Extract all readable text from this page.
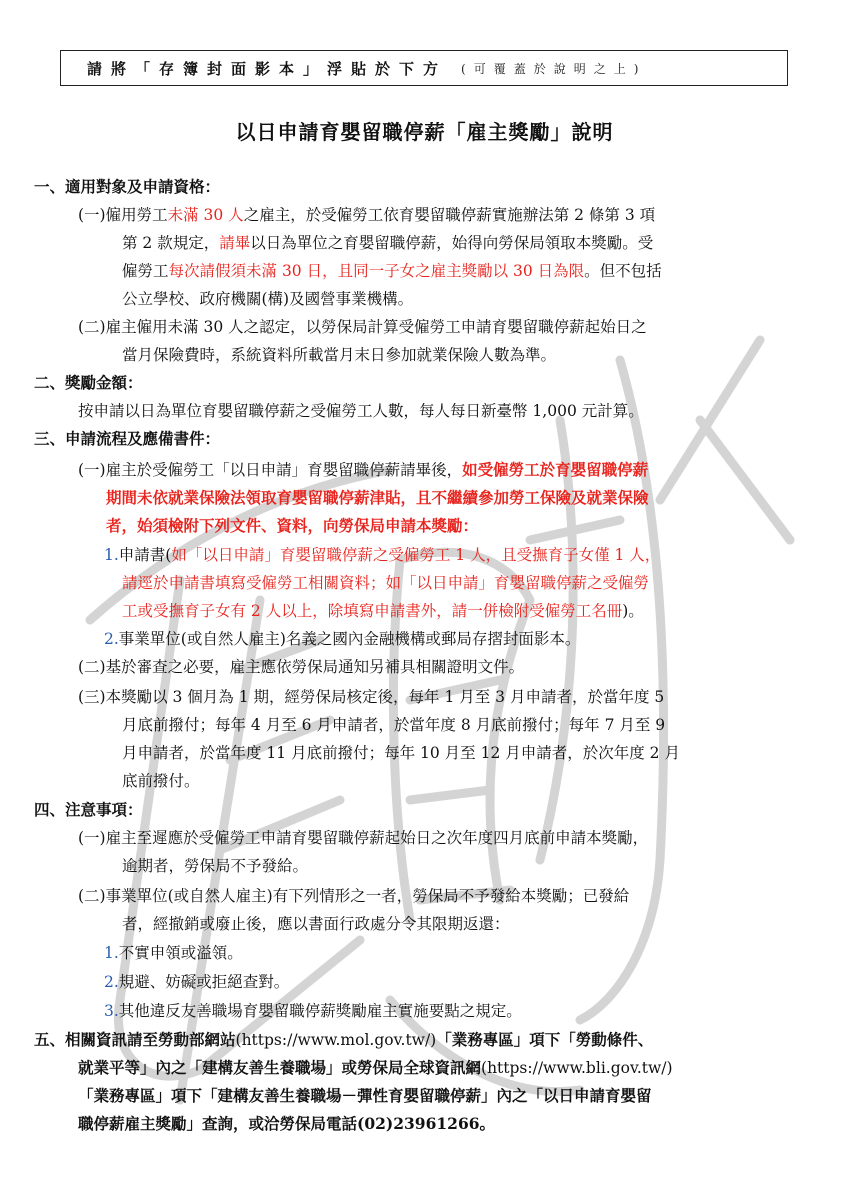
請將「存簿封面影本」浮貼於下方 (可覆蓋於說明之上)
以日申請育嬰留職停薪「雇主獎勵」說明
一、適用對象及申請資格：
(一)僱用勞工未滿 30 人之雇主，於受僱勞工依育嬰留職停薪實施辦法第 2 條第 3 項
第 2 款規定，請畢以日為單位之育嬰留職停薪，始得向勞保局領取本獎勵。受
僱勞工每次請假須未滿 30 日，且同一子女之雇主獎勵以 30 日為限。但不包括
公立學校、政府機關(構)及國營事業機構。
(二)雇主僱用未滿 30 人之認定，以勞保局計算受僱勞工申請育嬰留職停薪起始日之
當月保險費時，系統資料所載當月末日參加就業保險人數為準。
二、獎勵金額：
按申請以日為單位育嬰留職停薪之受僱勞工人數，每人每日新臺幣 1,000 元計算。
三、申請流程及應備書件：
(一)雇主於受僱勞工「以日申請」育嬰留職停薪請畢後，如受僱勞工於育嬰留職停薪
期間未依就業保險法領取育嬰留職停薪津貼，且不繼續參加勞工保險及就業保險
者，始須檢附下列文件、資料，向勞保局申請本獎勵：
1.申請書(如「以日申請」育嬰留職停薪之受僱勞工 1 人，且受撫育子女僅 1 人，
請逕於申請書填寫受僱勞工相關資料；如「以日申請」育嬰留職停薪之受僱勞
工或受撫育子女有 2 人以上，除填寫申請書外，請一併檢附受僱勞工名冊)。
2.事業單位(或自然人雇主)名義之國內金融機構或郵局存摺封面影本。
(二)基於審查之必要，雇主應依勞保局通知另補具相關證明文件。
(三)本獎勵以 3 個月為 1 期，經勞保局核定後，每年 1 月至 3 月申請者，於當年度 5
月底前撥付；每年 4 月至 6 月申請者，於當年度 8 月底前撥付；每年 7 月至 9
月申請者，於當年度 11 月底前撥付；每年 10 月至 12 月申請者，於次年度 2 月
底前撥付。
四、注意事項：
(一)雇主至遲應於受僱勞工申請育嬰留職停薪起始日之次年度四月底前申請本獎勵，
逾期者，勞保局不予發給。
(二)事業單位(或自然人雇主)有下列情形之一者，勞保局不予發給本獎勵；已發給
者，經撤銷或廢止後，應以書面行政處分令其限期返還：
1.不實申領或溢領。
2.規避、妨礙或拒絕查對。
3.其他違反友善職場育嬰留職停薪獎勵雇主實施要點之規定。
五、相關資訊請至勞動部網站(https://www.mol.gov.tw/)「業務專區」項下「勞動條件、
就業平等」內之「建構友善生養職場」或勞保局全球資訊網(https://www.bli.gov.tw/)
「業務專區」項下「建構友善生養職場－彈性育嬰留職停薪」內之「以日申請育嬰留
職停薪雇主獎勵」查詢，或洽勞保局電話(02)23961266。
